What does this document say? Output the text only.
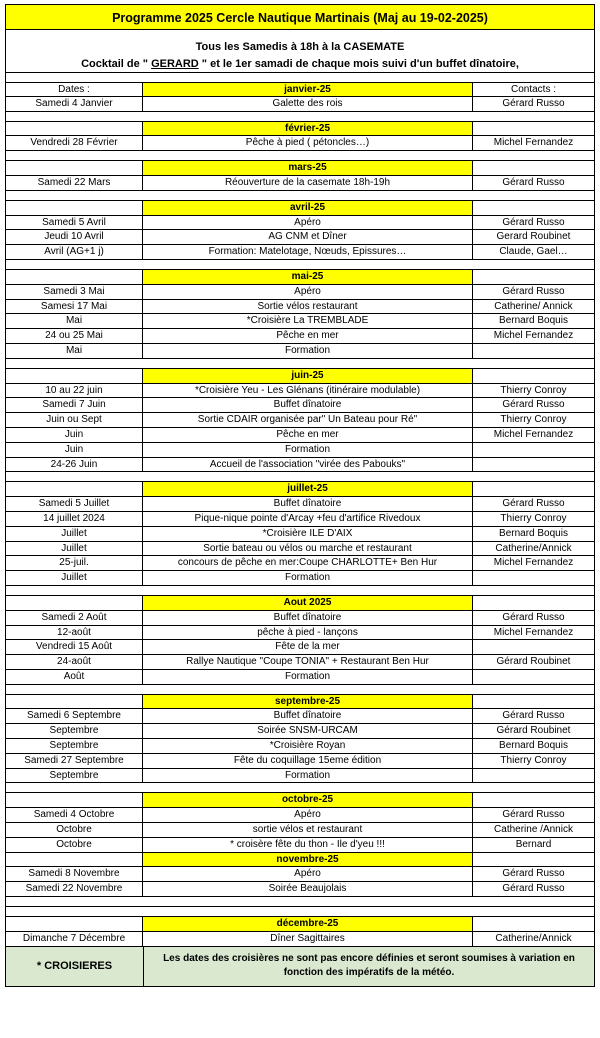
Programme 2025 Cercle Nautique Martinais (Maj au 19-02-2025)
Tous les Samedis à 18h à la CASEMATE
Cocktail de " GERARD " et le 1er samadi de chaque mois suivi d'un buffet dînatoire,
Dates :	janvier-25	Contacts :
Samedi 4 Janvier	Galette des rois	Gérard Russo
février-25
Vendredi 28 Février	Pêche à pied ( pétoncles…)	Michel Fernandez
mars-25
Samedi 22 Mars	Réouverture de la casemate 18h-19h	Gérard Russo
avril-25
Samedi 5 Avril	Apéro	Gérard Russo
Jeudi 10 Avril	AG CNM et Dîner	Gerard Roubinet
Avril (AG+1 j)	Formation: Matelotage, Nœuds, Epissures…	Claude, Gael…
mai-25
Samedi 3 Mai	Apéro	Gérard Russo
Samesi 17 Mai	Sortie vélos restaurant	Catherine/ Annick
Mai	*Croisière La TREMBLADE	Bernard Boquis
24 ou 25 Mai	Pêche en mer	Michel Fernandez
Mai	Formation
juin-25
10 au 22 juin	*Croisière Yeu - Les Glénans (itinéraire modulable)	Thierry Conroy
Samedi 7 Juin	Buffet dînatoire	Gérard Russo
Juin ou Sept	Sortie CDAIR organisée par" Un Bateau pour Ré"	Thierry Conroy
Juin	Pêche en mer	Michel Fernandez
Juin	Formation
24-26 Juin	Accueil de l'association "virée des Pabouks"
juillet-25
Samedi 5 Juillet	Buffet dînatoire	Gérard Russo
14 juillet 2024	Pique-nique pointe d'Arcay +feu d'artifice Rivedoux	Thierry Conroy
Juillet	*Croisière ILE D'AIX	Bernard Boquis
Juillet	Sortie bateau ou vélos ou marche et restaurant	Catherine/Annick
25-juil.	concours de pêche en mer:Coupe CHARLOTTE+ Ben Hur	Michel Fernandez
Juillet	Formation
Aout 2025
Samedi 2 Août	Buffet dînatoire	Gérard Russo
12-août	pêche à pied - lançons	Michel Fernandez
Vendredi 15 Août	Fête de la mer
24-août	Rallye Nautique "Coupe TONIA" + Restaurant Ben Hur	Gérard Roubinet
Août	Formation
septembre-25
Samedi 6 Septembre	Buffet dînatoire	Gérard Russo
Septembre	Soirée SNSM-URCAM	Gérard Roubinet
Septembre	*Croisière Royan	Bernard Boquis
Samedi 27 Septembre	Fête du coquillage 15eme édition	Thierry Conroy
Septembre	Formation
octobre-25
Samedi 4 Octobre	Apéro	Gérard Russo
Octobre	sortie vélos et restaurant	Catherine /Annick
Octobre	* croisère fête du thon - Ile d'yeu !!!	Bernard
novembre-25
Samedi 8 Novembre	Apéro	Gérard Russo
Samedi 22 Novembre	Soirée Beaujolais	Gérard Russo
décembre-25
Dimanche 7 Décembre	Dîner Sagittaires	Catherine/Annick
* CROISIERES
Les dates des croisières ne sont pas encore définies et seront soumises à variation en fonction des impératifs de la météo.
